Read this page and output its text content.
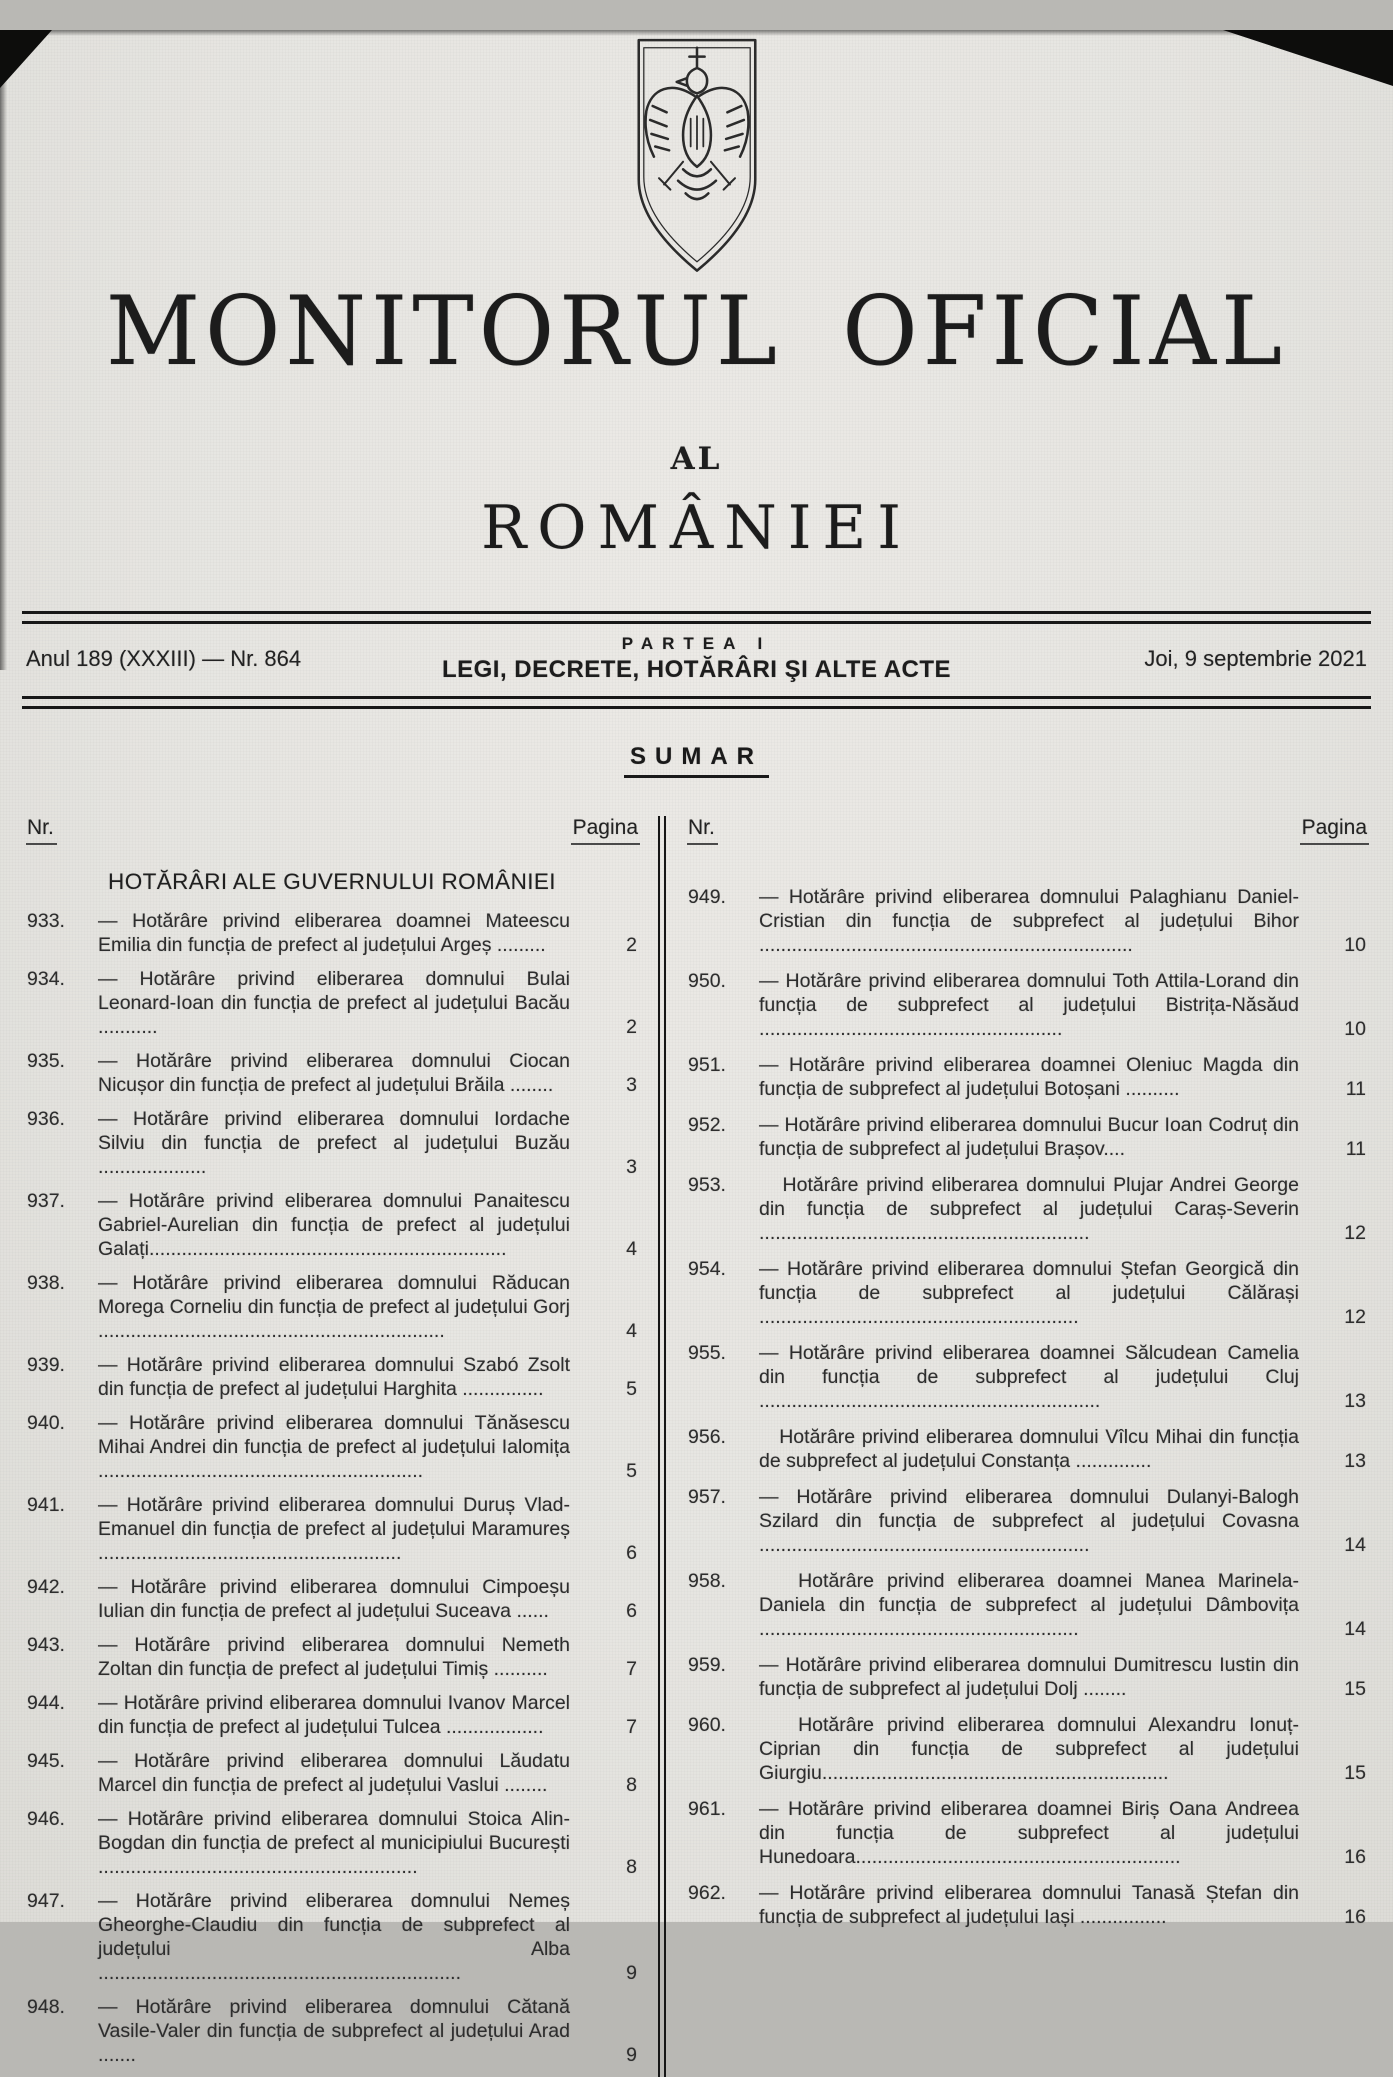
MONITORUL OFICIAL
AL
ROMÂNIEI
Anul 189 (XXXIII) — Nr. 864
PARTEA I
LEGI, DECRETE, HOTĂRÂRI ŞI ALTE ACTE	Joi, 9 septembrie 2021
SUMAR
Nr.	Pagina
HOTĂRÂRI ALE GUVERNULUI ROMÂNIEI
933.	— Hotărâre privind eliberarea doamnei Mateescu Emilia din funcția de prefect al județului Argeș .........	2
934.	— Hotărâre privind eliberarea domnului Bulai Leonard-Ioan din funcția de prefect al județului Bacău ...........	2
935.	— Hotărâre privind eliberarea domnului Ciocan Nicușor din funcția de prefect al județului Brăila ........	3
936.	— Hotărâre privind eliberarea domnului Iordache Silviu din funcția de prefect al județului Buzău ....................	3
937.	— Hotărâre privind eliberarea domnului Panaitescu Gabriel-Aurelian din funcția de prefect al județului Galați..................................................................	4
938.	— Hotărâre privind eliberarea domnului Răducan Morega Corneliu din funcția de prefect al județului Gorj ................................................................	4
939.	— Hotărâre privind eliberarea domnului Szabó Zsolt din funcția de prefect al județului Harghita ...............	5
940.	— Hotărâre privind eliberarea domnului Tănăsescu Mihai Andrei din funcția de prefect al județului Ialomița ............................................................	5
941.	— Hotărâre privind eliberarea domnului Duruș Vlad-Emanuel din funcția de prefect al județului Maramureș ........................................................	6
942.	— Hotărâre privind eliberarea domnului Cimpoeșu Iulian din funcția de prefect al județului Suceava ......	6
943.	— Hotărâre privind eliberarea domnului Nemeth Zoltan din funcția de prefect al județului Timiș ..........	7
944.	— Hotărâre privind eliberarea domnului Ivanov Marcel din funcția de prefect al județului Tulcea ..................	7
945.	— Hotărâre privind eliberarea domnului Lăudatu Marcel din funcția de prefect al județului Vaslui ........	8
946.	— Hotărâre privind eliberarea domnului Stoica Alin-Bogdan din funcția de prefect al municipiului București ...........................................................	8
947.	— Hotărâre privind eliberarea domnului Nemeș Gheorghe-Claudiu din funcția de subprefect al județului Alba ...................................................................	9
948.	— Hotărâre privind eliberarea domnului Cătană Vasile-Valer din funcția de subprefect al județului Arad .......	9
Nr.	Pagina
949.	— Hotărâre privind eliberarea domnului Palaghianu Daniel-Cristian din funcția de subprefect al județului Bihor .....................................................................	10
950.	— Hotărâre privind eliberarea domnului Toth Attila-Lorand din funcția de subprefect al județului Bistrița-Năsăud ........................................................	10
951.	— Hotărâre privind eliberarea doamnei Oleniuc Magda din funcția de subprefect al județului Botoșani ..........	11
952.	— Hotărâre privind eliberarea domnului Bucur Ioan Codruț din funcția de subprefect al județului Brașov....	11
953.	Hotărâre privind eliberarea domnului Plujar Andrei George din funcția de subprefect al județului Caraș-Severin .............................................................	12
954.	— Hotărâre privind eliberarea domnului Ștefan Georgică din funcția de subprefect al județului Călărași ...........................................................	12
955.	— Hotărâre privind eliberarea doamnei Sălcudean Camelia din funcția de subprefect al județului Cluj ...............................................................	13
956.	Hotărâre privind eliberarea domnului Vîlcu Mihai din funcția de subprefect al județului Constanța ..............	13
957.	— Hotărâre privind eliberarea domnului Dulanyi-Balogh Szilard din funcția de subprefect al județului Covasna .............................................................	14
958.	Hotărâre privind eliberarea doamnei Manea Marinela-Daniela din funcția de subprefect al județului Dâmbovița ...........................................................	14
959.	— Hotărâre privind eliberarea domnului Dumitrescu Iustin din funcția de subprefect al județului Dolj ........	15
960.	Hotărâre privind eliberarea domnului Alexandru Ionuț-Ciprian din funcția de subprefect al județului Giurgiu................................................................	15
961.	— Hotărâre privind eliberarea doamnei Biriș Oana Andreea din funcția de subprefect al județului Hunedoara............................................................	16
962.	— Hotărâre privind eliberarea domnului Tanasă Ștefan din funcția de subprefect al județului Iași ................	16
